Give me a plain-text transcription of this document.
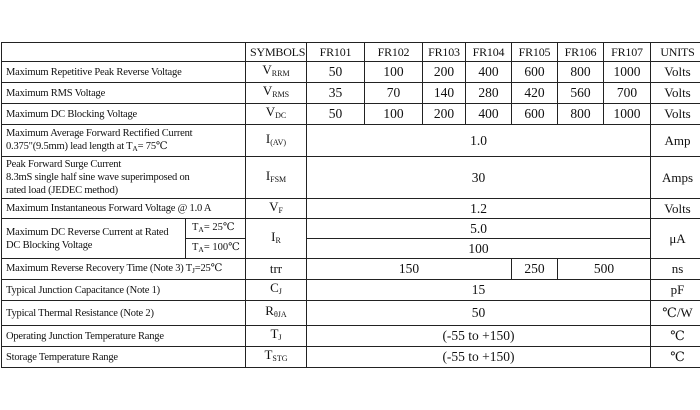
		SYMBOLS	FR101	FR102	FR103	FR104	FR105	FR106	FR107	UNITS
Maximum Repetitive Peak Reverse Voltage		VRRM	50	100	200	400	600	800	1000	Volts
Maximum RMS Voltage		VRMS	35	70	140	280	420	560	700	Volts
Maximum DC Blocking Voltage		VDC	50	100	200	400	600	800	1000	Volts

Maximum Average Forward Rectified Current
0.375"(9.5mm) lead length at TA= 75℃		I(AV)	1.0							Amp

Peak Forward Surge Current
8.3mS single half sine wave superimposed on
rated load (JEDEC method)		IFSM	30							Amps
Maximum Instantaneous Forward Voltage @ 1.0 A		VF	1.2							Volts

Maximum DC Reverse Current at Rated
DC Blocking Voltage	TA= 25℃	IR	5.0							μA
	TA= 100℃		100							
Maximum Reverse Recovery Time (Note 3) TJ=25℃		trr	150				250	500		ns
Typical Junction Capacitance (Note 1)		CJ	15							pF
Typical Thermal Resistance (Note 2)		RθJA	50							℃/W
Operating Junction Temperature Range		TJ	(-55 to +150)							℃
Storage Temperature Range		TSTG	(-55 to +150)							℃
